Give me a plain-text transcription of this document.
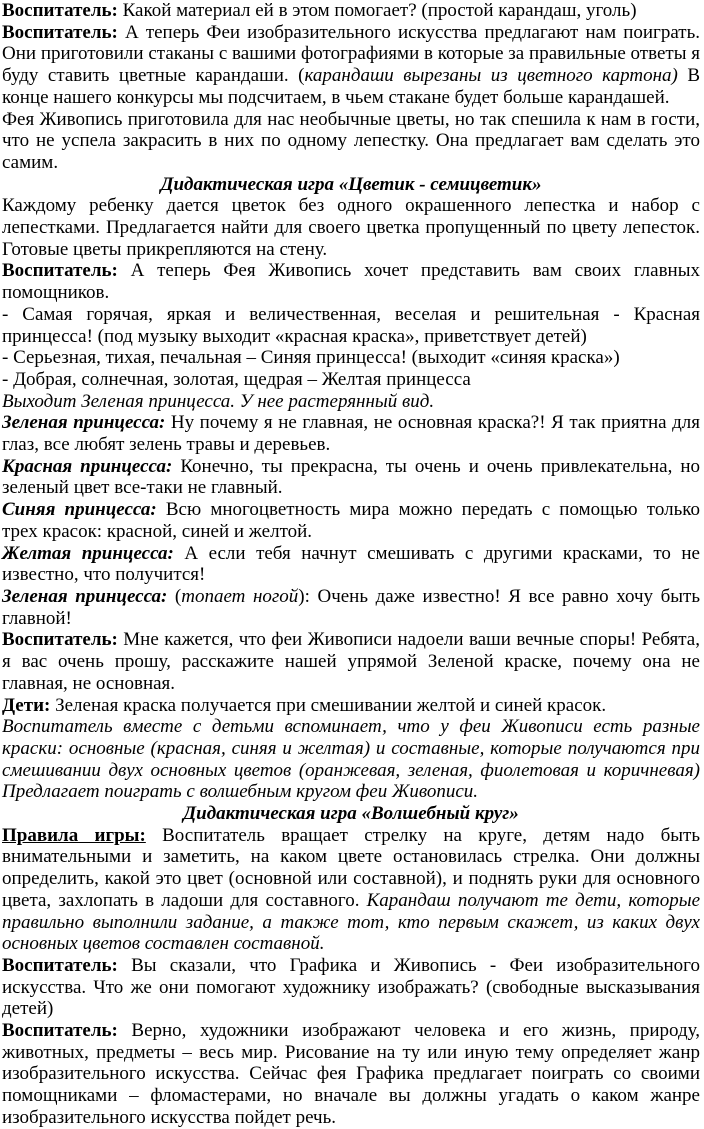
Воспитатель: Какой материал ей в этом помогает? (простой карандаш, уголь)

Воспитатель: А теперь Феи изобразительного искусства предлагают нам поиграть. Они приготовили стаканы с вашими фотографиями в которые за правильные ответы я буду ставить цветные карандаши. (карандаши вырезаны из цветного картона) В конце нашего конкурсы мы подсчитаем, в чьем стакане будет больше карандашей.

Фея Живопись приготовила для нас необычные цветы, но так спешила к нам в гости, что не успела закрасить в них по одному лепестку. Она предлагает вам сделать это самим.

Дидактическая игра «Цветик - семицветик»

Каждому ребенку дается цветок без одного окрашенного лепестка и набор с лепестками. Предлагается найти для своего цветка пропущенный по цвету лепесток. Готовые цветы прикрепляются на стену.

Воспитатель: А теперь Фея Живопись хочет представить вам своих главных помощников.

- Самая горячая, яркая и величественная, веселая и решительная - Красная принцесса! (под музыку выходит «красная краска», приветствует детей)

- Серьезная, тихая, печальная – Синяя принцесса! (выходит «синяя краска»)

- Добрая, солнечная, золотая, щедрая – Желтая принцесса

Выходит Зеленая принцесса. У нее растерянный вид.

Зеленая принцесса: Ну почему я не главная, не основная краска?! Я так приятна для глаз, все любят зелень травы и деревьев.

Красная принцесса: Конечно, ты прекрасна, ты очень и очень привлекательна, но зеленый цвет все-таки не главный.

Синяя принцесса: Всю многоцветность мира можно передать с помощью только трех красок: красной, синей и желтой.

Желтая принцесса: А если тебя начнут смешивать с другими красками, то не известно, что получится!

Зеленая принцесса: (топает ногой): Очень даже известно! Я все равно хочу быть главной!

Воспитатель: Мне кажется, что феи Живописи надоели ваши вечные споры! Ребята, я вас очень прошу, расскажите нашей упрямой Зеленой краске, почему она не главная, не основная.

Дети: Зеленая краска получается при смешивании желтой и синей красок.

Воспитатель вместе с детьми вспоминает, что у феи Живописи есть разные краски: основные (красная, синяя и желтая) и составные, которые получаются при смешивании двух основных цветов (оранжевая, зеленая, фиолетовая и коричневая) Предлагает поиграть с волшебным кругом феи Живописи.

Дидактическая игра «Волшебный круг»

Правила игры: Воспитатель вращает стрелку на круге, детям надо быть внимательными и заметить, на каком цвете остановилась стрелка. Они должны определить, какой это цвет (основной или составной), и поднять руки для основного цвета, захлопать в ладоши для составного. Карандаш получают те дети, которые правильно выполнили задание, а также тот, кто первым скажет, из каких двух основных цветов составлен составной.

Воспитатель: Вы сказали, что Графика и Живопись - Феи изобразительного искусства. Что же они помогают художнику изображать? (свободные высказывания детей)

Воспитатель: Верно, художники изображают человека и его жизнь, природу, животных, предметы – весь мир. Рисование на ту или иную тему определяет жанр изобразительного искусства. Сейчас фея Графика предлагает поиграть со своими помощниками – фломастерами, но вначале вы должны угадать о каком жанре изобразительного искусства пойдет речь.
